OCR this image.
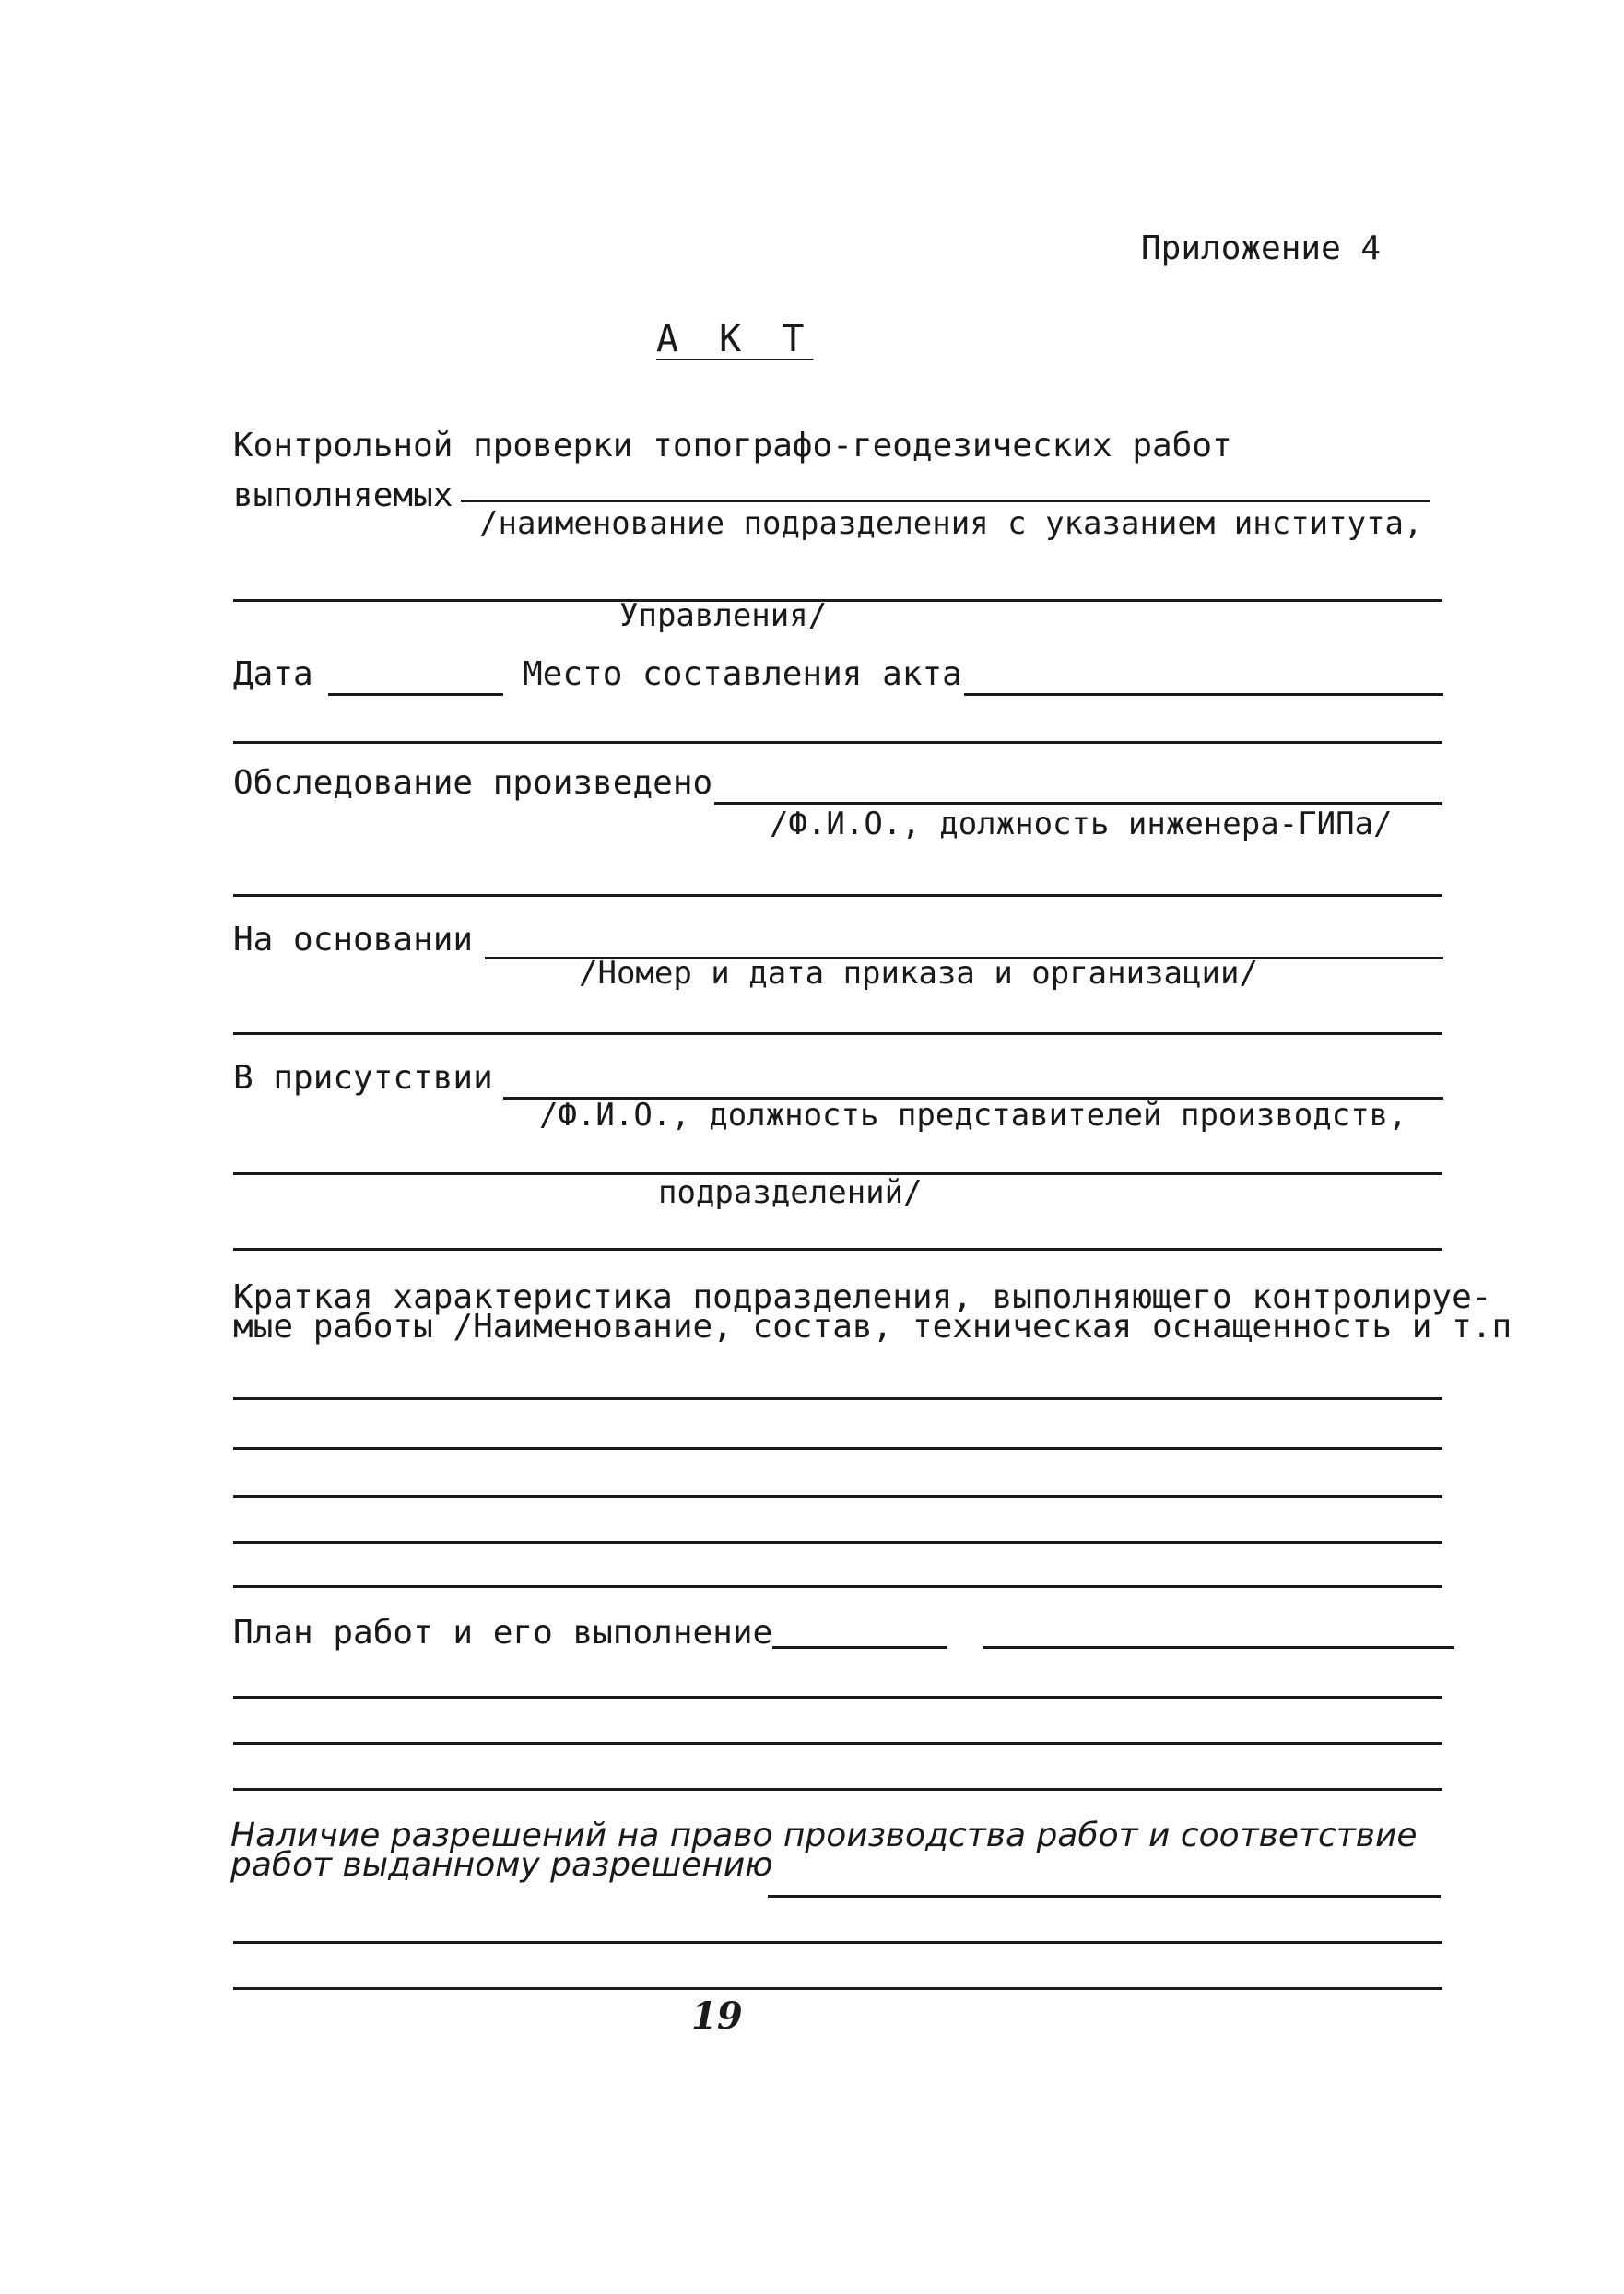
Приложение 4
А К Т
Контрольной проверки топографо-геодезических работ
выполняемых
/наименование подразделения с указанием института,
Управления/
Дата	Место составления акта
Обследование произведено
/Ф.И.О., должность инженера-ГИПа/
На основании
/Номер и дата приказа и организации/
В присутствии
/Ф.И.О., должность представителей производств,
подразделений/
Краткая характеристика подразделения, выполняющего контролируе-
мые работы /Наименование, состав, техническая оснащенность и т.п
План работ и его выполнение
Наличие разрешений на право производства работ и соответствие
работ выданному разрешению
19
